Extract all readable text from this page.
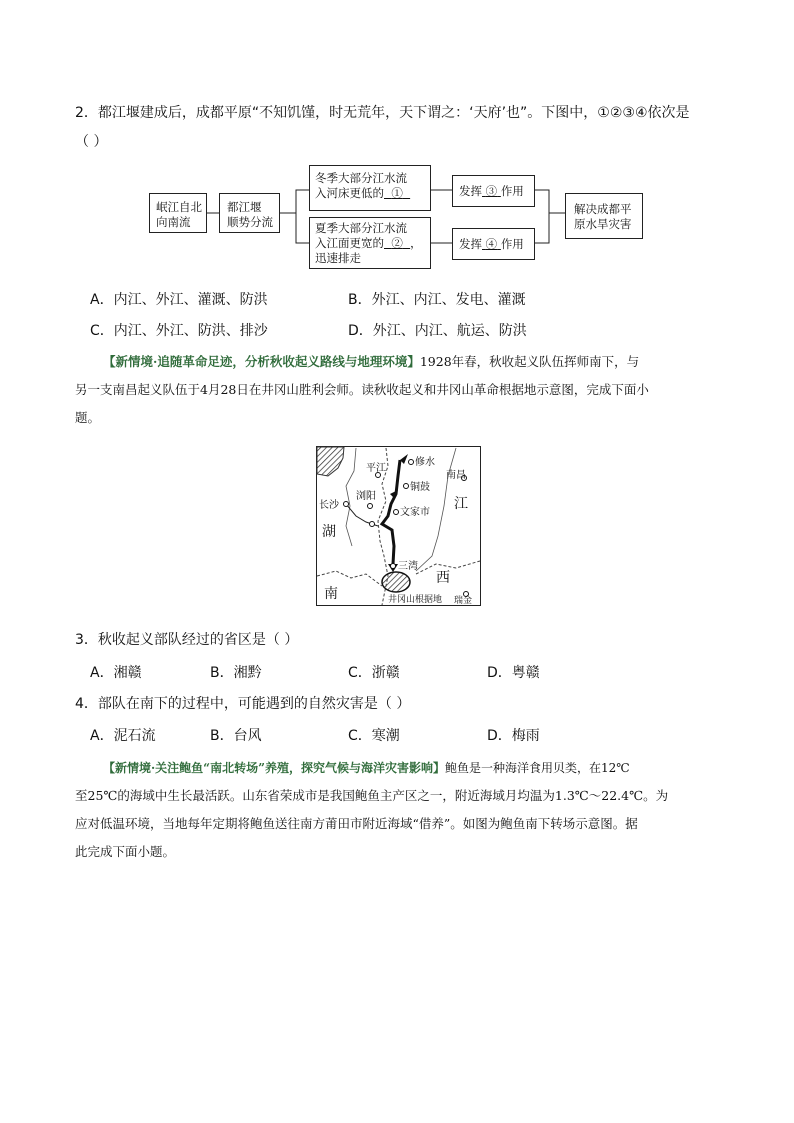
2．都江堰建成后，成都平原“不知饥馑，时无荒年，天下谓之：‘天府’也”。下图中，①②③④依次是
（ ）
岷江自北
向南流
都江堰
顺势分流
冬季大部分江水流
入河床更低的 ①
夏季大部分江水流
入江面更宽的 ② ，
迅速排走
发挥 ③ 作用
发挥 ④ 作用
解决成都平
原水旱灾害
A．内江、外江、灌溉、防洪	B．外江、内江、发电、灌溉
C．内江、外江、防洪、排沙	D．外江、内江、航运、防洪
【新情境·追随革命足迹，分析秋收起义路线与地理环境】1928年春，秋收起义队伍挥师南下，与
另一支南昌起义队伍于4月28日在井冈山胜利会师。读秋收起义和井冈山革命根据地示意图，完成下面小
题。
修水
平江
铜鼓
南昌
长沙
浏阳
文家市
三湾
井冈山根据地 瑞金
江
湖
西
南
3．秋收起义部队经过的省区是（ ）
A．湘赣	B．湘黔	C．浙赣	D．粤赣
4．部队在南下的过程中，可能遇到的自然灾害是（ ）
A．泥石流	B．台风	C．寒潮	D．梅雨
【新情境·关注鲍鱼“南北转场”养殖，探究气候与海洋灾害影响】鲍鱼是一种海洋食用贝类，在12℃
至25℃的海域中生长最活跃。山东省荣成市是我国鲍鱼主产区之一，附近海域月均温为1.3℃～22.4℃。为
应对低温环境，当地每年定期将鲍鱼送往南方莆田市附近海域“借养”。如图为鲍鱼南下转场示意图。据
此完成下面小题。
